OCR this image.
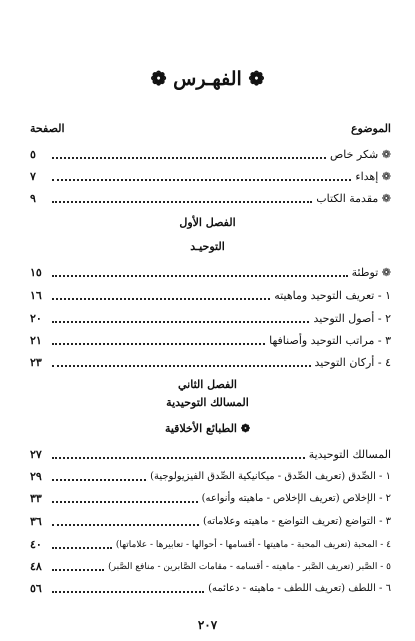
❁ الفهـرس ❁
الموضوع
الصفحة
❁ شكر خاص
٥
❁ إهداء
٧
❁ مقدمة الكتاب
٩
الفصل الأول
التوحيـد
❁ توطئة
١٥
١ - تعريف التوحيد وماهيته
١٦
٢ - أصول التوحيد
٢٠
٣ - مراتب التوحيد وأصنافها
٢١
٤ - أركان التوحيد
٢٣
الفصل الثاني
المسالك التوحيدية
❁ الطبائع الأخلاقية
المسالك التوحيدية
٢٧
١ - الصِّدق (تعريف الصِّدق - ميكانيكية الصِّدق الفيزيولوجية)
٢٩
٢ - الإخلاص (تعريف الإخلاص - ماهيته وأنواعه)
٣٣
٣ - التواضع (تعريف التواضع - ماهيته وعلاماته)
٣٦
٤ - المحبة (تعريف المحبة - ماهيتها - أقسامها - أحوالها - تعابيرها - علاماتها)
٤٠
٥ - الصَّبر (تعريف الصَّبر - ماهيته - أقسامه - مقامات الصَّابرين - منافع الصَّبر)
٤٨
٦ - اللطف (تعريف اللطف - ماهيته - دعائمه)
٥٦
٢٠٧
